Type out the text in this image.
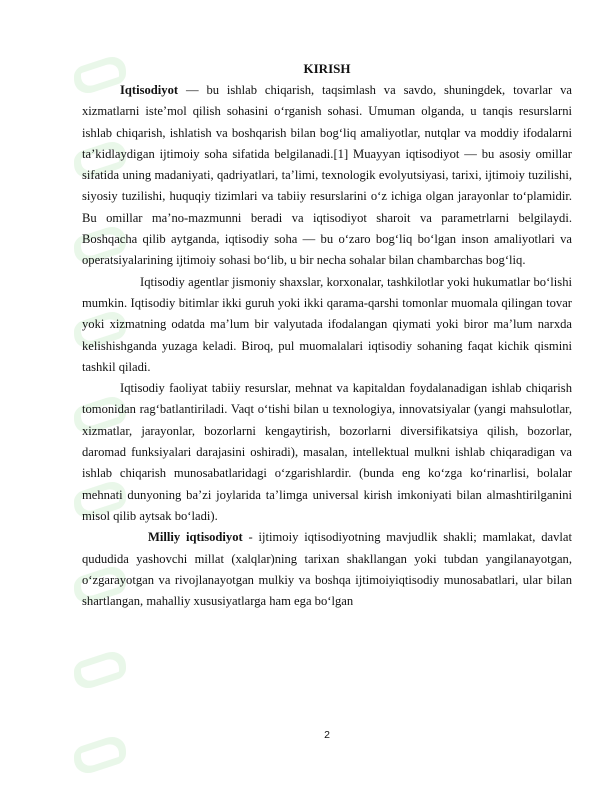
KIRISH

Iqtisodiyot — bu ishlab chiqarish, taqsimlash va savdo, shuningdek, tovarlar va xizmatlarni iste’mol qilish sohasini o‘rganish sohasi. Umuman olganda, u tanqis resurslarni ishlab chiqarish, ishlatish va boshqarish bilan bog‘liq amaliyotlar, nutqlar va moddiy ifodalarni ta’kidlaydigan ijtimoiy soha sifatida belgilanadi.[1] Muayyan iqtisodiyot — bu asosiy omillar sifatida uning madaniyati, qadriyatlari, ta’limi, texnologik evolyutsiyasi, tarixi, ijtimoiy tuzilishi, siyosiy tuzilishi, huquqiy tizimlari va tabiiy resurslarini o‘z ichiga olgan jarayonlar to‘plamidir. Bu omillar ma’no-mazmunni beradi va iqtisodiyot sharoit va parametrlarni belgilaydi. Boshqacha qilib aytganda, iqtisodiy soha — bu o‘zaro bog‘liq bo‘lgan inson amaliyotlari va operatsiyalarining ijtimoiy sohasi bo‘lib, u bir necha sohalar bilan chambarchas bog‘liq.

Iqtisodiy agentlar jismoniy shaxslar, korxonalar, tashkilotlar yoki hukumatlar bo‘lishi mumkin. Iqtisodiy bitimlar ikki guruh yoki ikki qarama-qarshi tomonlar muomala qilingan tovar yoki xizmatning odatda ma’lum bir valyutada ifodalangan qiymati yoki biror ma’lum narxda kelishishganda yuzaga keladi. Biroq, pul muomalalari iqtisodiy sohaning faqat kichik qismini tashkil qiladi.

Iqtisodiy faoliyat tabiiy resurslar, mehnat va kapitaldan foydalanadigan ishlab chiqarish tomonidan rag‘batlantiriladi. Vaqt o‘tishi bilan u texnologiya, innovatsiyalar (yangi mahsulotlar, xizmatlar, jarayonlar, bozorlarni kengaytirish, bozorlarni diversifikatsiya qilish, bozorlar, daromad funksiyalari darajasini oshiradi), masalan, intellektual mulkni ishlab chiqaradigan va ishlab chiqarish munosabatlaridagi o‘zgarishlardir. (bunda eng ko‘zga ko‘rinarlisi, bolalar mehnati dunyoning ba’zi joylarida ta’limga universal kirish imkoniyati bilan almashtirilganini misol qilib aytsak bo‘ladi).

Milliy iqtisodiyot - ijtimoiy iqtisodiyotning mavjudlik shakli; mamlakat, davlat qududida yashovchi millat (xalqlar)ning tarixan shakllangan yoki tubdan yangilanayotgan, o‘zgarayotgan va rivojlanayotgan mulkiy va boshqa ijtimoiyiqtisodiy munosabatlari, ular bilan shartlangan, mahalliy xususiyatlarga ham ega bo‘lgan

2
